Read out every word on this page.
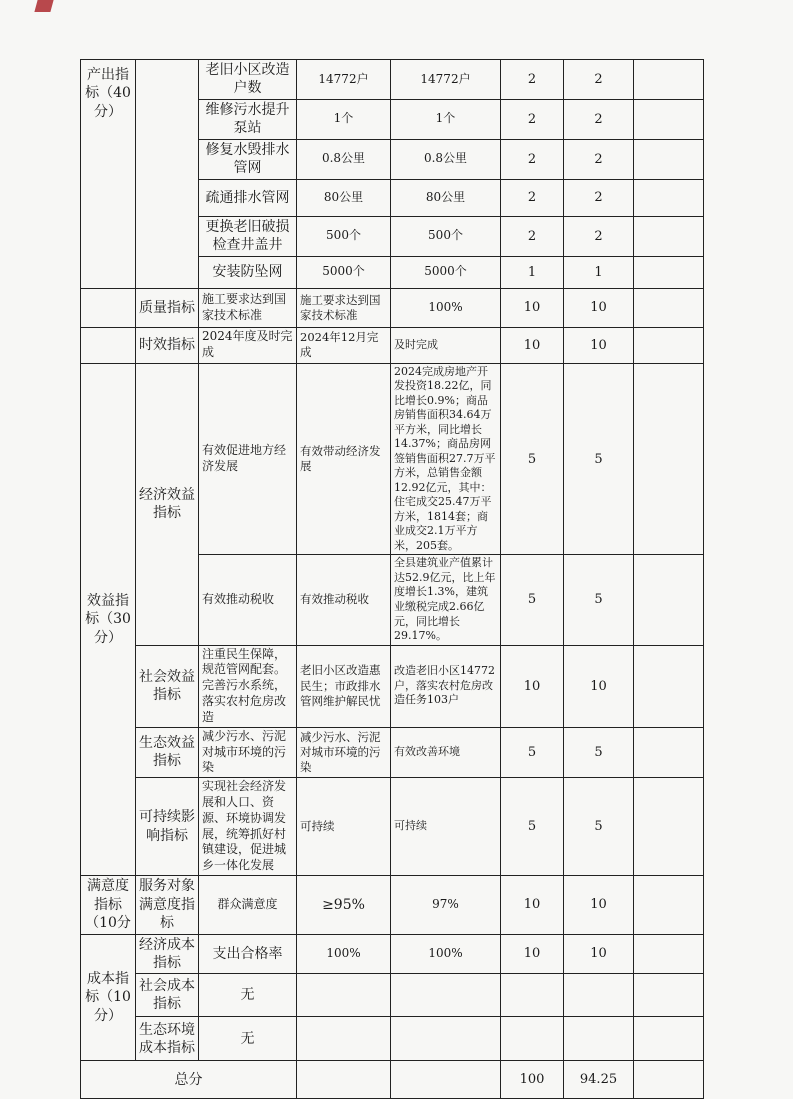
产出指标（40分）		老旧小区改造户数	14772户	14772户	2	2	
		维修污水提升泵站	1个	1个	2	2	
		修复水毁排水管网	0.8公里	0.8公里	2	2	
		疏通排水管网	80公里	80公里	2	2	
		更换老旧破损检查井盖井	500个	500个	2	2	
		安装防坠网	5000个	5000个	1	1	
	质量指标	施工要求达到国家技术标准	施工要求达到国家技术标准	100%	10	10	
	时效指标	2024年度及时完成	2024年12月完成	及时完成	10	10	
效益指标（30分）	经济效益指标	有效促进地方经济发展	有效带动经济发展	2024完成房地产开发投资18.22亿，同比增长0.9%；商品房销售面积34.64万平方米，同比增长14.37%；商品房网签销售面积27.7万平方米，总销售金额12.92亿元，其中：住宅成交25.47万平方米，1814套；商业成交2.1万平方米，205套。	5	5	
		有效推动税收	有效推动税收	全县建筑业产值累计达52.9亿元，比上年度增长1.3%，建筑业缴税完成2.66亿元，同比增长29.17%。	5	5	
	社会效益指标	注重民生保障，规范管网配套。完善污水系统，落实农村危房改造	老旧小区改造惠民生；市政排水管网维护解民忧	改造老旧小区14772户，落实农村危房改造任务103户	10	10	
	生态效益指标	减少污水、污泥对城市环境的污染	减少污水、污泥对城市环境的污染	有效改善环境	5	5	
	可持续影响指标	实现社会经济发展和人口、资源、环境协调发展，统筹抓好村镇建设，促进城乡一体化发展	可持续	可持续	5	5	
满意度指标（10分	服务对象满意度指标	群众满意度	≥95%	97%	10	10	
成本指标（10分）	经济成本指标	支出合格率	100%	100%	10	10	
	社会成本指标	无					
	生态环境成本指标	无					
总分					100	94.25	
